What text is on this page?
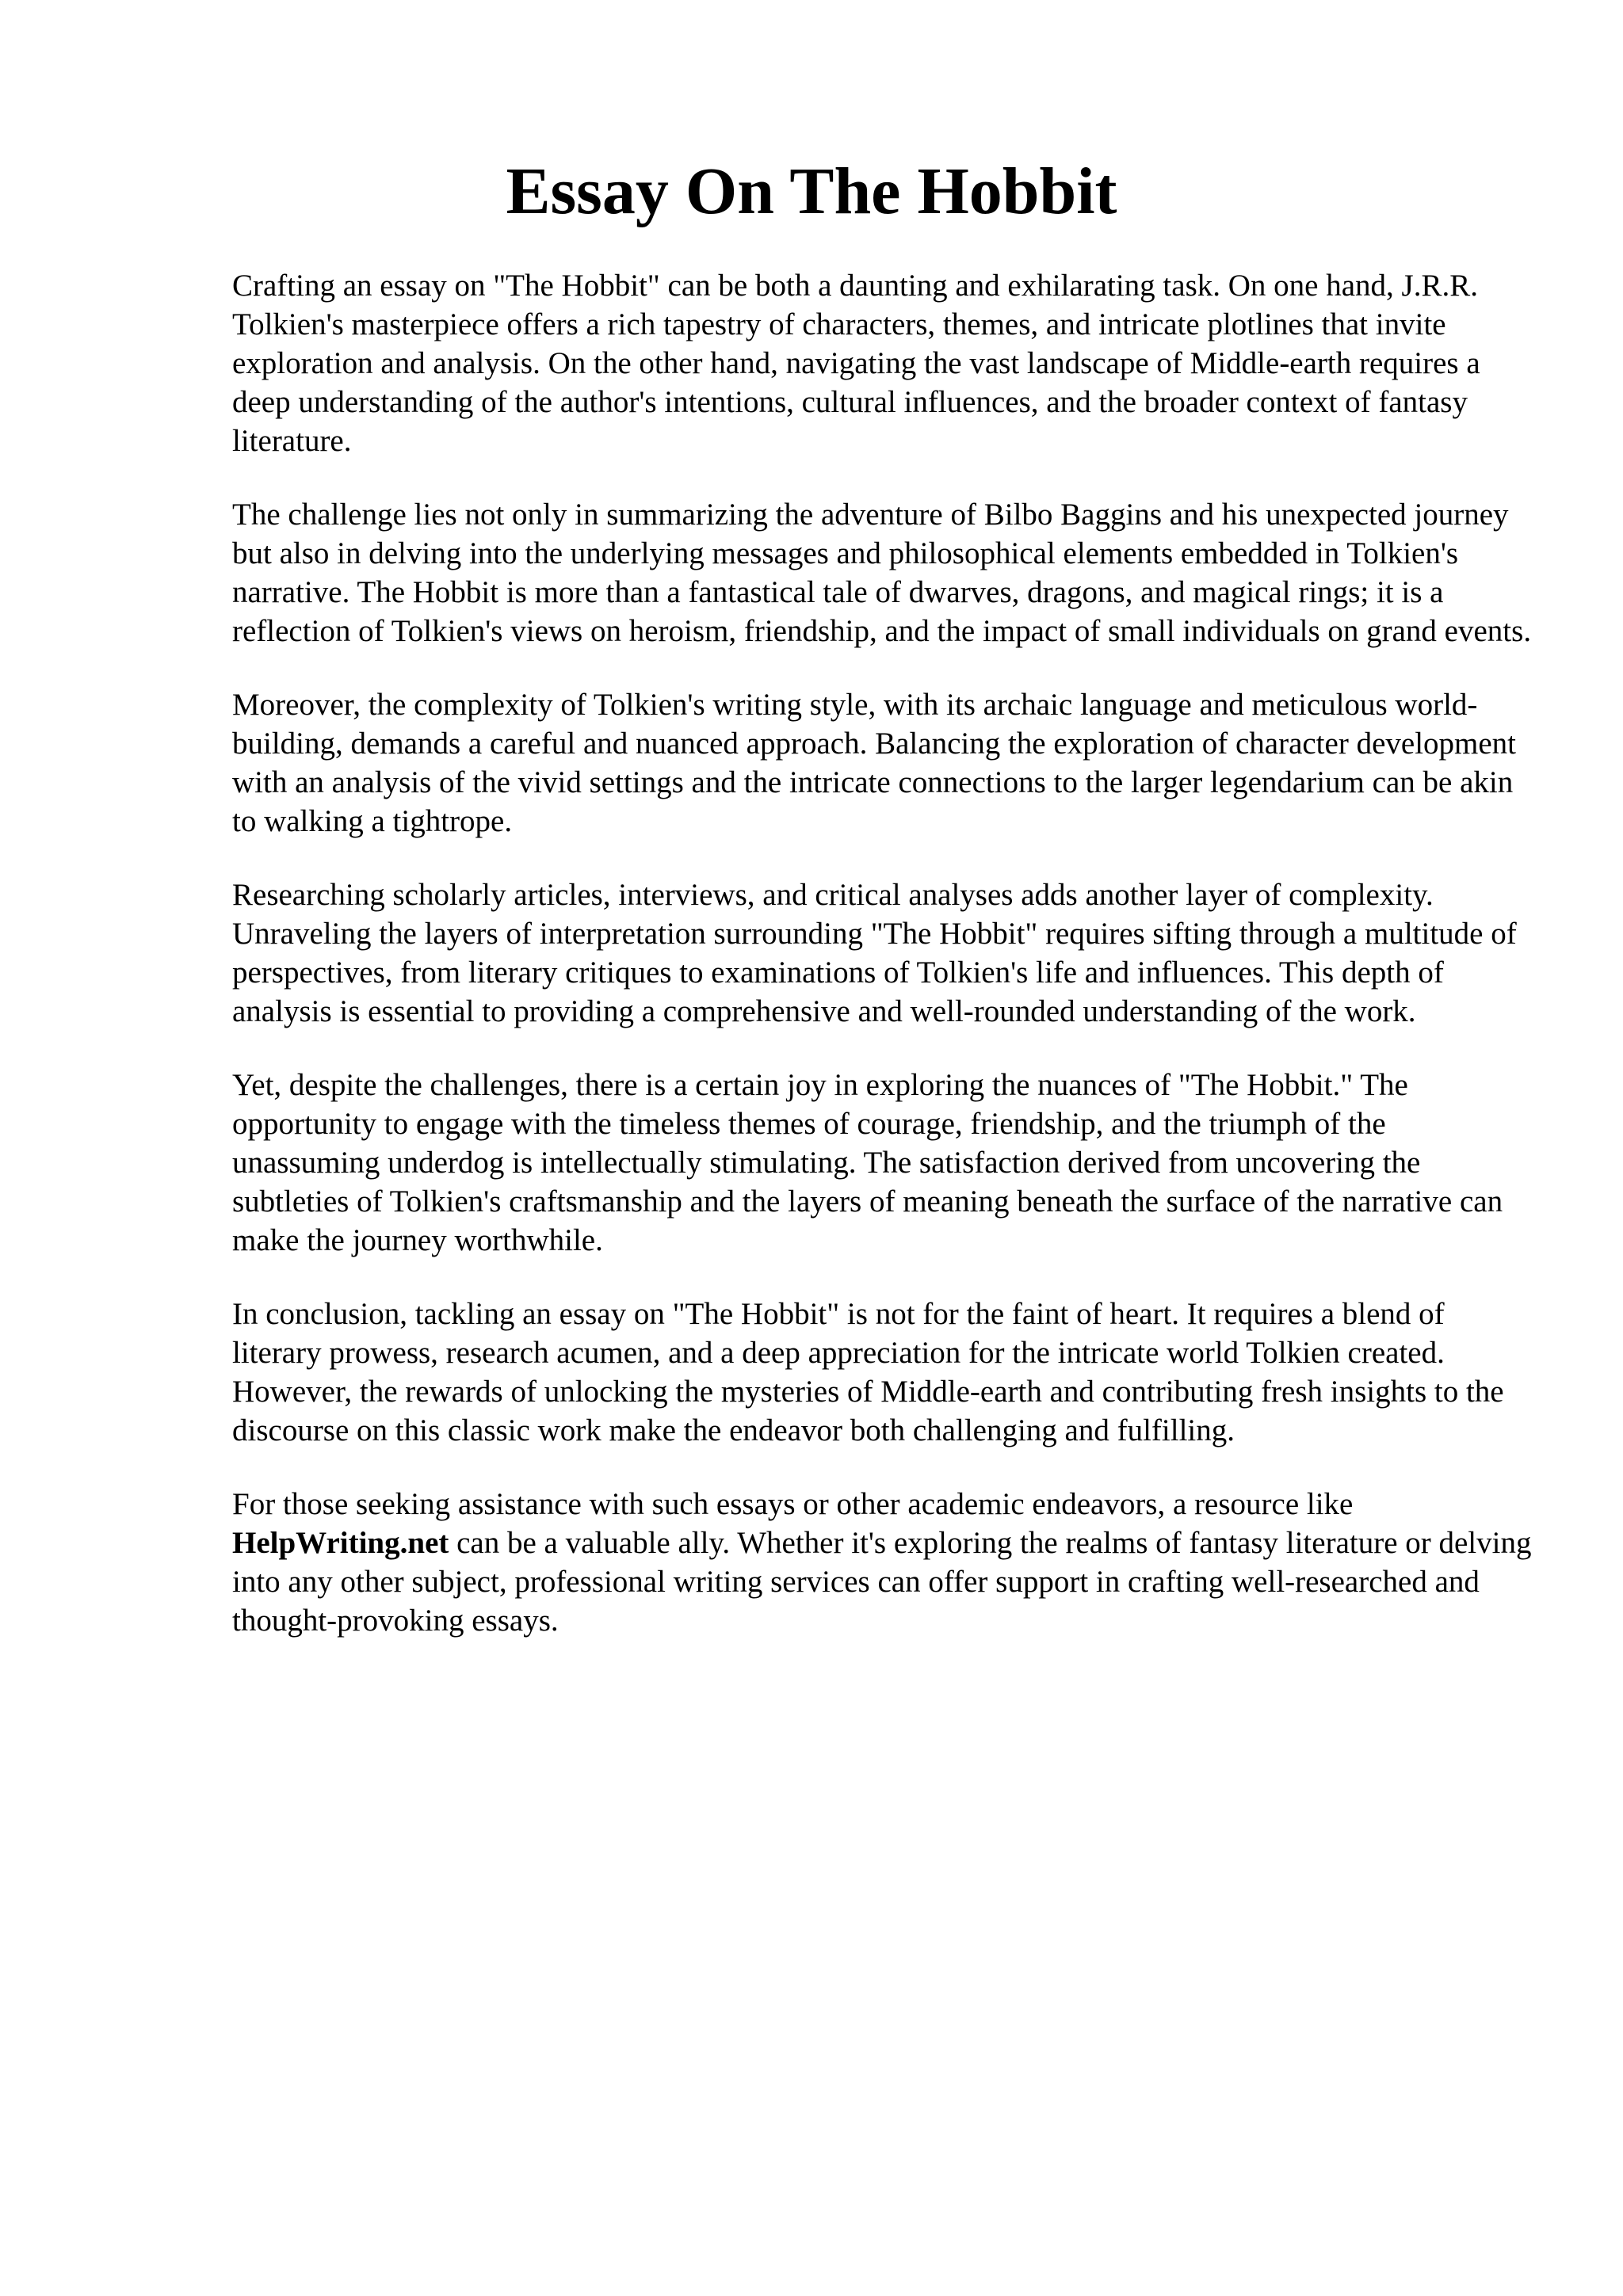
Essay On The Hobbit

Crafting an essay on "The Hobbit" can be both a daunting and exhilarating task. On one hand, J.R.R. Tolkien's masterpiece offers a rich tapestry of characters, themes, and intricate plotlines that invite exploration and analysis. On the other hand, navigating the vast landscape of Middle-earth requires a deep understanding of the author's intentions, cultural influences, and the broader context of fantasy literature.

The challenge lies not only in summarizing the adventure of Bilbo Baggins and his unexpected journey but also in delving into the underlying messages and philosophical elements embedded in Tolkien's narrative. The Hobbit is more than a fantastical tale of dwarves, dragons, and magical rings; it is a reflection of Tolkien's views on heroism, friendship, and the impact of small individuals on grand events.

Moreover, the complexity of Tolkien's writing style, with its archaic language and meticulous world-building, demands a careful and nuanced approach. Balancing the exploration of character development with an analysis of the vivid settings and the intricate connections to the larger legendarium can be akin to walking a tightrope.

Researching scholarly articles, interviews, and critical analyses adds another layer of complexity. Unraveling the layers of interpretation surrounding "The Hobbit" requires sifting through a multitude of perspectives, from literary critiques to examinations of Tolkien's life and influences. This depth of analysis is essential to providing a comprehensive and well-rounded understanding of the work.

Yet, despite the challenges, there is a certain joy in exploring the nuances of "The Hobbit." The opportunity to engage with the timeless themes of courage, friendship, and the triumph of the unassuming underdog is intellectually stimulating. The satisfaction derived from uncovering the subtleties of Tolkien's craftsmanship and the layers of meaning beneath the surface of the narrative can make the journey worthwhile.

In conclusion, tackling an essay on "The Hobbit" is not for the faint of heart. It requires a blend of literary prowess, research acumen, and a deep appreciation for the intricate world Tolkien created. However, the rewards of unlocking the mysteries of Middle-earth and contributing fresh insights to the discourse on this classic work make the endeavor both challenging and fulfilling.

For those seeking assistance with such essays or other academic endeavors, a resource like HelpWriting.net can be a valuable ally. Whether it's exploring the realms of fantasy literature or delving into any other subject, professional writing services can offer support in crafting well-researched and thought-provoking essays.
